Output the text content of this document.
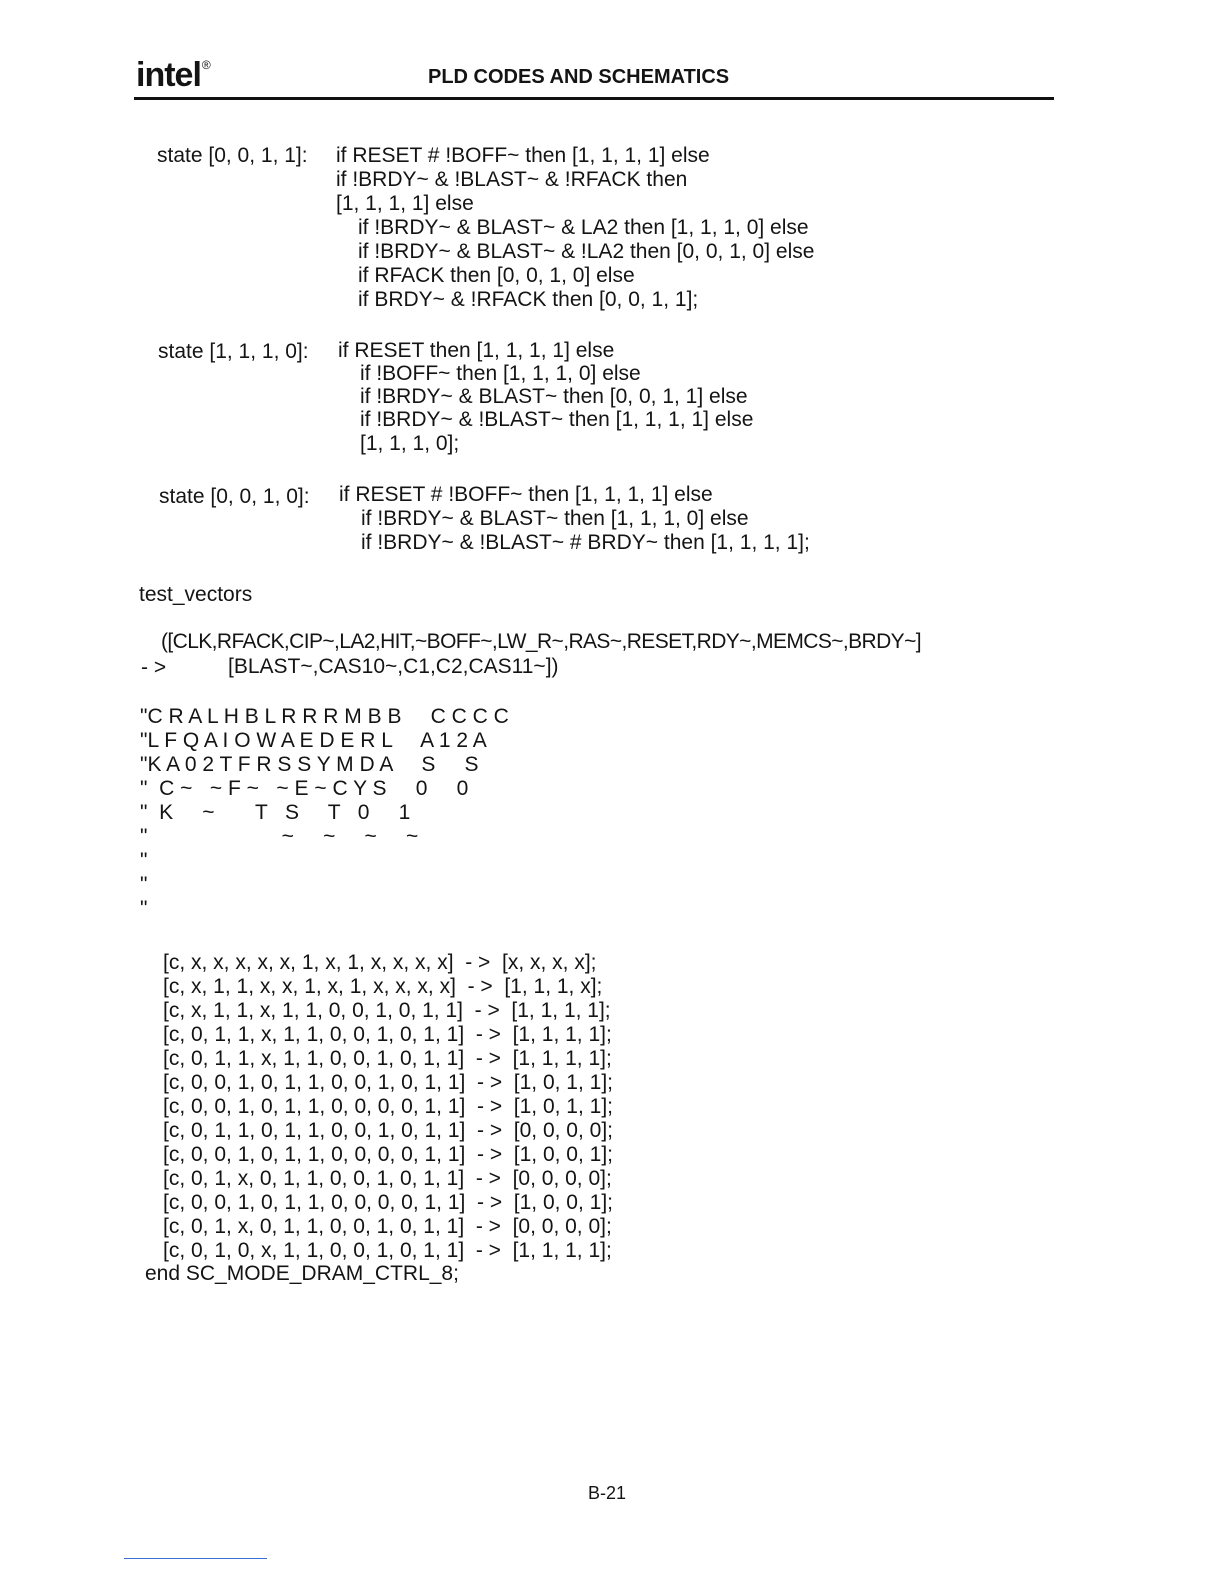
intel®
PLD CODES AND SCHEMATICS
state [0, 0, 1, 1]: if RESET # !BOFF~ then [1, 1, 1, 1] else
if !BRDY~ & !BLAST~ & !RFACK then
[1, 1, 1, 1] else
if !BRDY~ & BLAST~ & LA2 then [1, 1, 1, 0] else
if !BRDY~ & BLAST~ & !LA2 then [0, 0, 1, 0] else
if RFACK then [0, 0, 1, 0] else
if BRDY~ & !RFACK then [0, 0, 1, 1];
state [1, 1, 1, 0]: if RESET then [1, 1, 1, 1] else
if !BOFF~ then [1, 1, 1, 0] else
if !BRDY~ & BLAST~ then [0, 0, 1, 1] else
if !BRDY~ & !BLAST~ then [1, 1, 1, 1] else
[1, 1, 1, 0];
state [0, 0, 1, 0]: if RESET # !BOFF~ then [1, 1, 1, 1] else
if !BRDY~ & BLAST~ then [1, 1, 1, 0] else
if !BRDY~ & !BLAST~ # BRDY~ then [1, 1, 1, 1];
test_vectors
([CLK,RFACK,CIP~,LA2,HIT,~BOFF~,LW_R~,RAS~,RESET,RDY~,MEMCS~,BRDY~]
- >	[BLAST~,CAS10~,C1,C2,CAS11~])
"C R A L H B L R R R M B B     C C C C
"L F Q A I O W A E D E R L     A 1 2 A
"K A 0 2 T F R S S Y M D A     S     S
"  C ~   ~ F ~   ~ E ~ C Y S     0     0
"  K     ~       T   S     T   0     1
"                       ~     ~     ~     ~
"
"
"
[c, x, x, x, x, x, 1, x, 1, x, x, x, x]  - >  [x, x, x, x];
[c, x, 1, 1, x, x, 1, x, 1, x, x, x, x]  - >  [1, 1, 1, x];
[c, x, 1, 1, x, 1, 1, 0, 0, 1, 0, 1, 1]  - >  [1, 1, 1, 1];
[c, 0, 1, 1, x, 1, 1, 0, 0, 1, 0, 1, 1]  - >  [1, 1, 1, 1];
[c, 0, 1, 1, x, 1, 1, 0, 0, 1, 0, 1, 1]  - >  [1, 1, 1, 1];
[c, 0, 0, 1, 0, 1, 1, 0, 0, 1, 0, 1, 1]  - >  [1, 0, 1, 1];
[c, 0, 0, 1, 0, 1, 1, 0, 0, 0, 0, 1, 1]  - >  [1, 0, 1, 1];
[c, 0, 1, 1, 0, 1, 1, 0, 0, 1, 0, 1, 1]  - >  [0, 0, 0, 0];
[c, 0, 0, 1, 0, 1, 1, 0, 0, 0, 0, 1, 1]  - >  [1, 0, 0, 1];
[c, 0, 1, x, 0, 1, 1, 0, 0, 1, 0, 1, 1]  - >  [0, 0, 0, 0];
[c, 0, 0, 1, 0, 1, 1, 0, 0, 0, 0, 1, 1]  - >  [1, 0, 0, 1];
[c, 0, 1, x, 0, 1, 1, 0, 0, 1, 0, 1, 1]  - >  [0, 0, 0, 0];
[c, 0, 1, 0, x, 1, 1, 0, 0, 1, 0, 1, 1]  - >  [1, 1, 1, 1];
end SC_MODE_DRAM_CTRL_8;
B-21
